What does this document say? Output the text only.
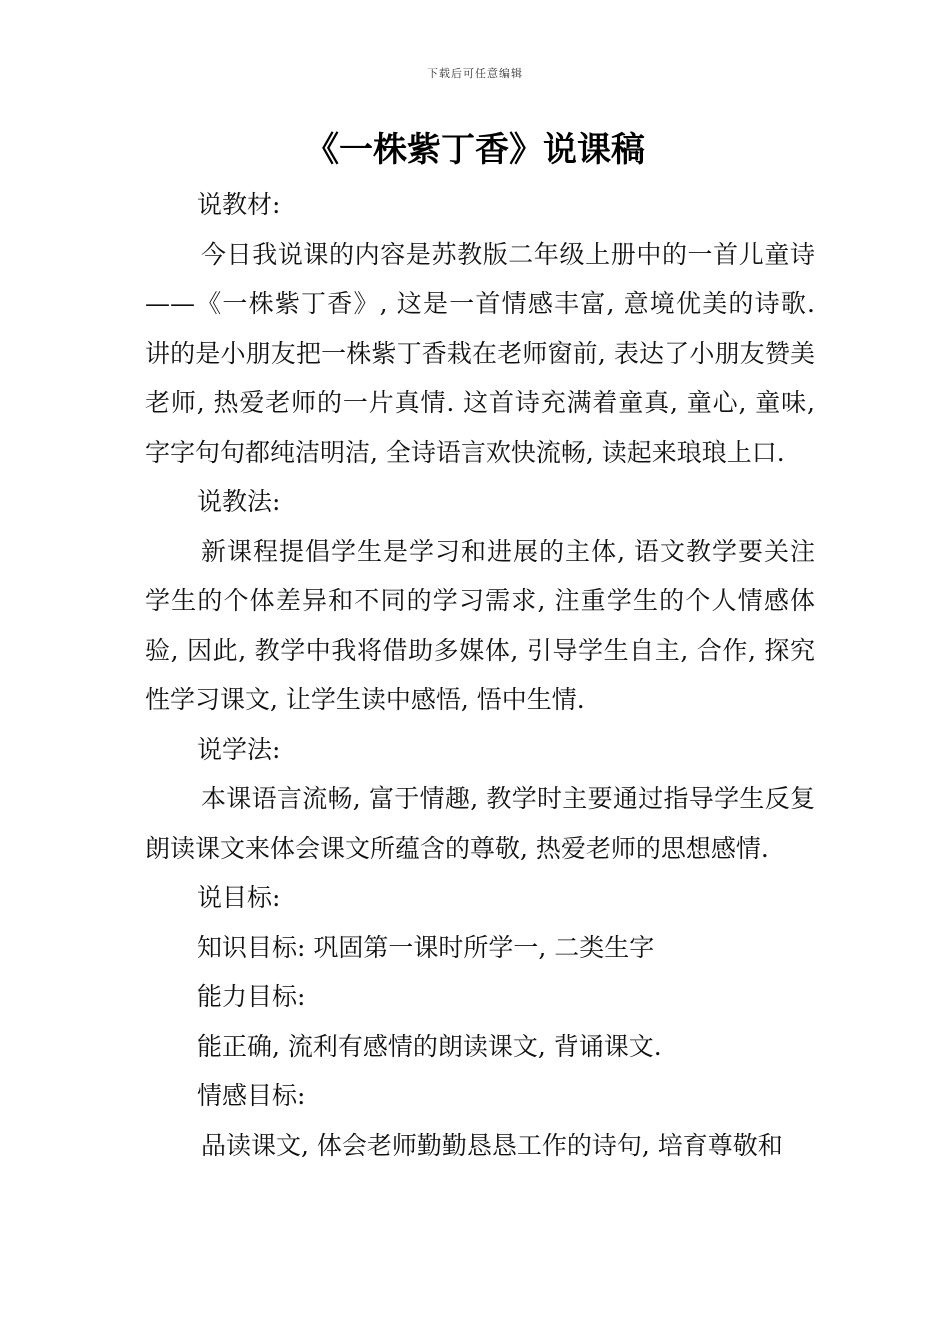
下载后可任意编辑
《一株紫丁香》说课稿

说教材:

今日我说课的内容是苏教版二年级上册中的一首儿童诗——《一株紫丁香》, 这是一首情感丰富, 意境优美的诗歌. 讲的是小朋友把一株紫丁香栽在老师窗前, 表达了小朋友赞美老师, 热爱老师的一片真情. 这首诗充满着童真, 童心, 童味, 字字句句都纯洁明洁, 全诗语言欢快流畅, 读起来琅琅上口.

说教法:

新课程提倡学生是学习和进展的主体, 语文教学要关注学生的个体差异和不同的学习需求, 注重学生的个人情感体验, 因此, 教学中我将借助多媒体, 引导学生自主, 合作, 探究性学习课文, 让学生读中感悟, 悟中生情.

说学法:

本课语言流畅, 富于情趣, 教学时主要通过指导学生反复朗读课文来体会课文所蕴含的尊敬, 热爱老师的思想感情.

说目标:

知识目标: 巩固第一课时所学一, 二类生字

能力目标:

能正确, 流利有感情的朗读课文, 背诵课文.

情感目标:

品读课文, 体会老师勤勤恳恳工作的诗句, 培育尊敬和
